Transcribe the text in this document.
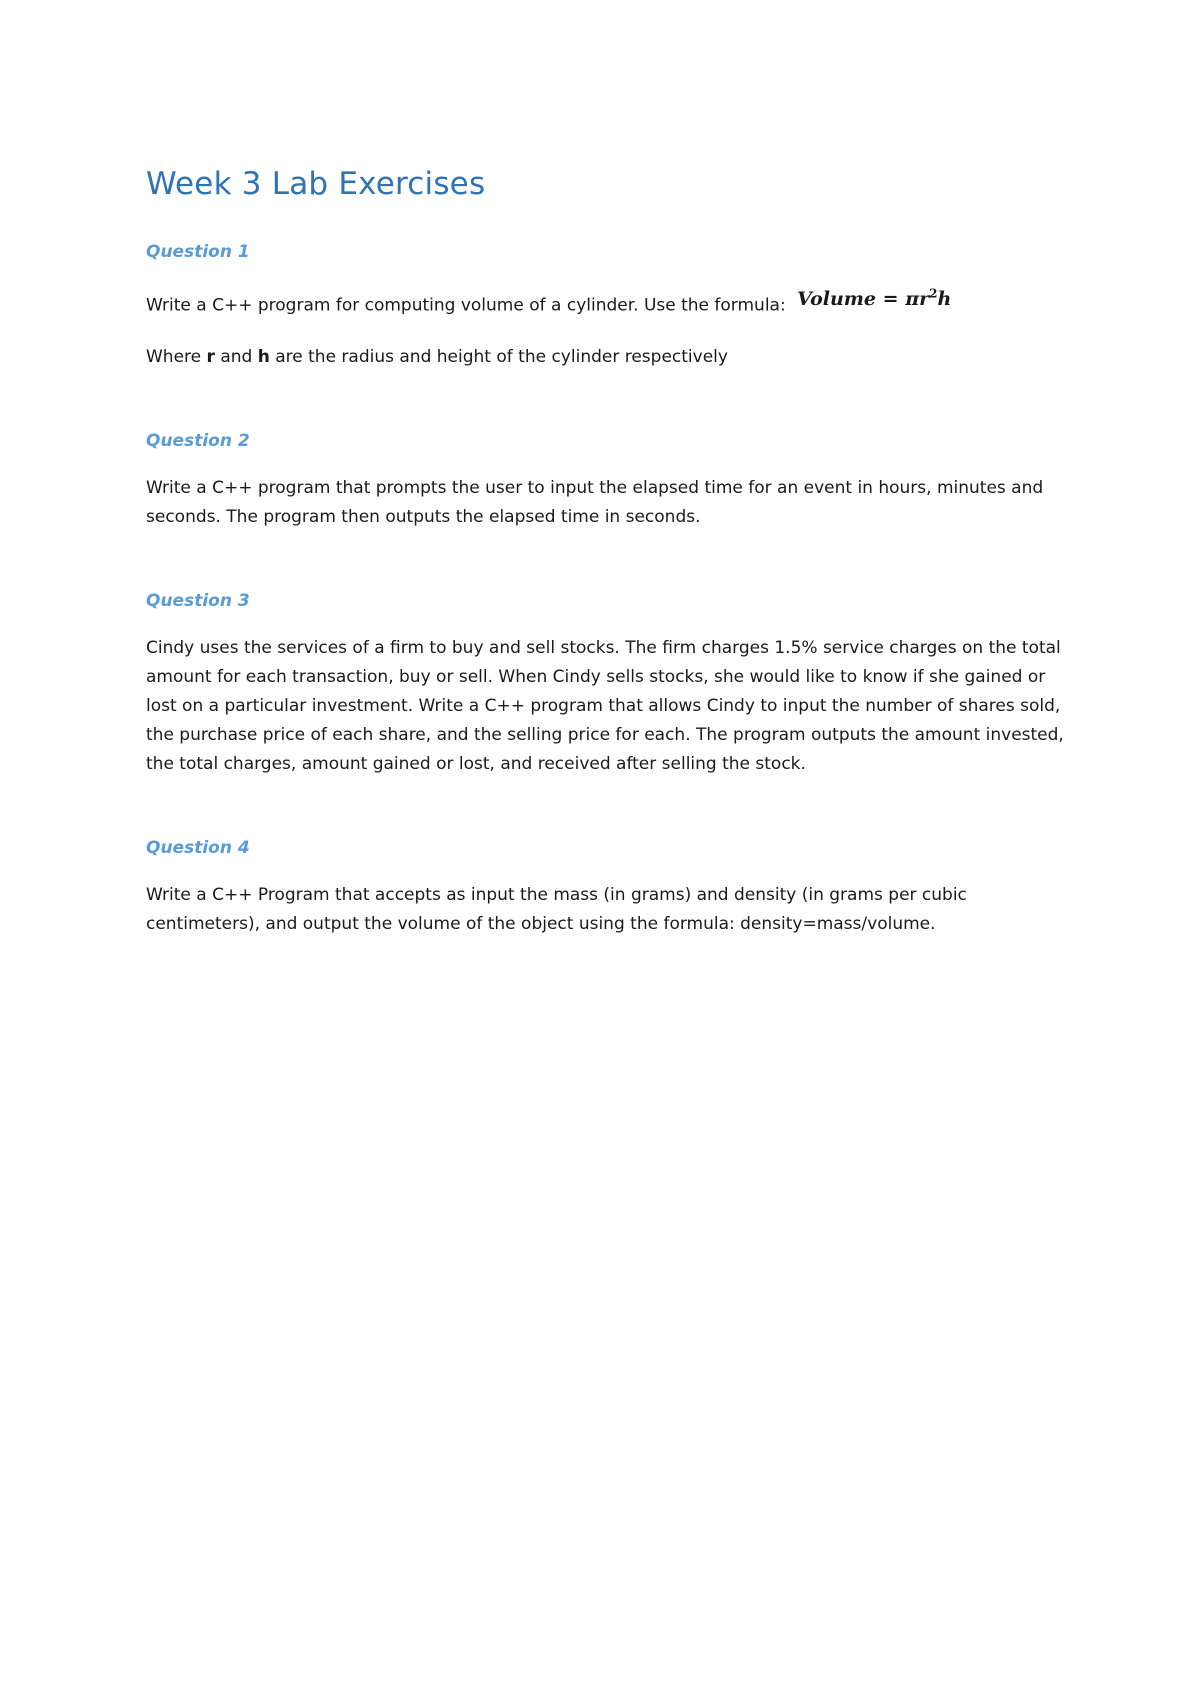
Week 3 Lab Exercises
Question 1

Write a C++ program for computing volume of a cylinder. Use the formula: Volume = $\pi r^2h$

Where r and h are the radius and height of the cylinder respectively

Question 2

Write a C++ program that prompts the user to input the elapsed time for an event in hours, minutes and seconds. The program then outputs the elapsed time in seconds.

Question 3

Cindy uses the services of a firm to buy and sell stocks. The firm charges 1.5% service charges on the total amount for each transaction, buy or sell. When Cindy sells stocks, she would like to know if she gained or lost on a particular investment. Write a C++ program that allows Cindy to input the number of shares sold, the purchase price of each share, and the selling price for each. The program outputs the amount invested, the total charges, amount gained or lost, and received after selling the stock.

Question 4

Write a C++ Program that accepts as input the mass (in grams) and density (in grams per cubic centimeters), and output the volume of the object using the formula: density=mass/volume.
